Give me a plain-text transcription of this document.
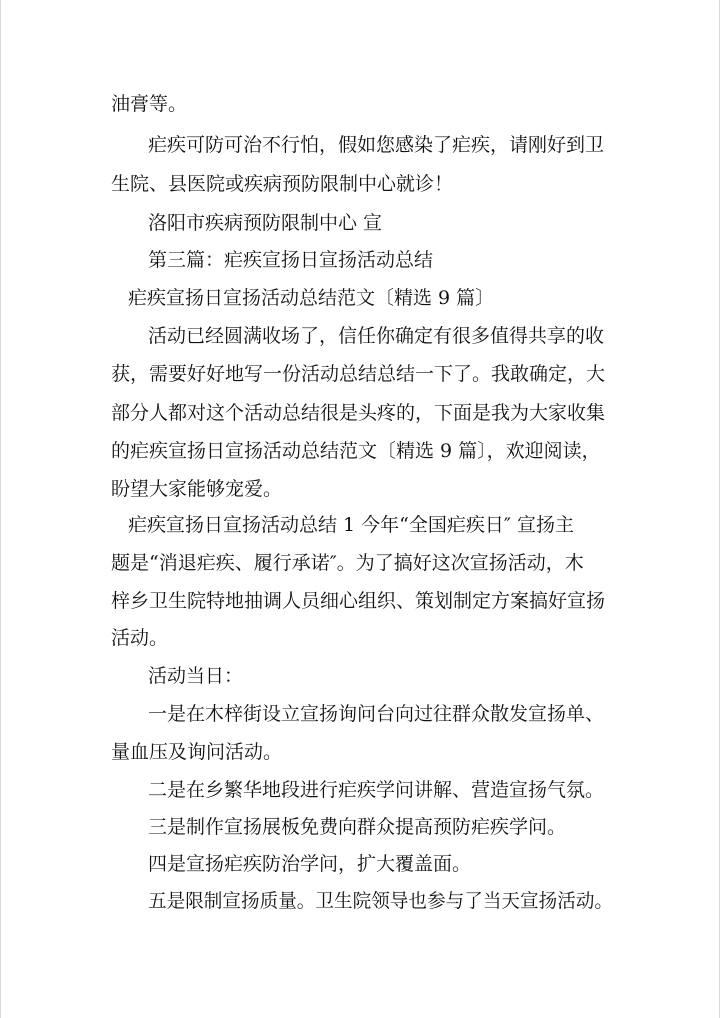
油膏等。
疟疾可防可治不行怕，假如您感染了疟疾，请刚好到卫
生院、县医院或疾病预防限制中心就诊！
洛阳市疾病预防限制中心 宣
第三篇：疟疾宣扬日宣扬活动总结
疟疾宣扬日宣扬活动总结范文〔精选 9 篇〕
活动已经圆满收场了，信任你确定有很多值得共享的收
获，需要好好地写一份活动总结总结一下了。我敢确定，大
部分人都对这个活动总结很是头疼的，下面是我为大家收集
的疟疾宣扬日宣扬活动总结范文〔精选 9 篇〕，欢迎阅读，
盼望大家能够宠爱。
疟疾宣扬日宣扬活动总结 1 今年“全国疟疾日″ 宣扬主
题是“消退疟疾、履行承诺″。为了搞好这次宣扬活动，木
梓乡卫生院特地抽调人员细心组织、策划制定方案搞好宣扬
活动。
活动当日：
一是在木梓街设立宣扬询问台向过往群众散发宣扬单、
量血压及询问活动。
二是在乡繁华地段进行疟疾学问讲解、营造宣扬气氛。
三是制作宣扬展板免费向群众提高预防疟疾学问。
四是宣扬疟疾防治学问，扩大覆盖面。
五是限制宣扬质量。卫生院领导也参与了当天宣扬活动。
